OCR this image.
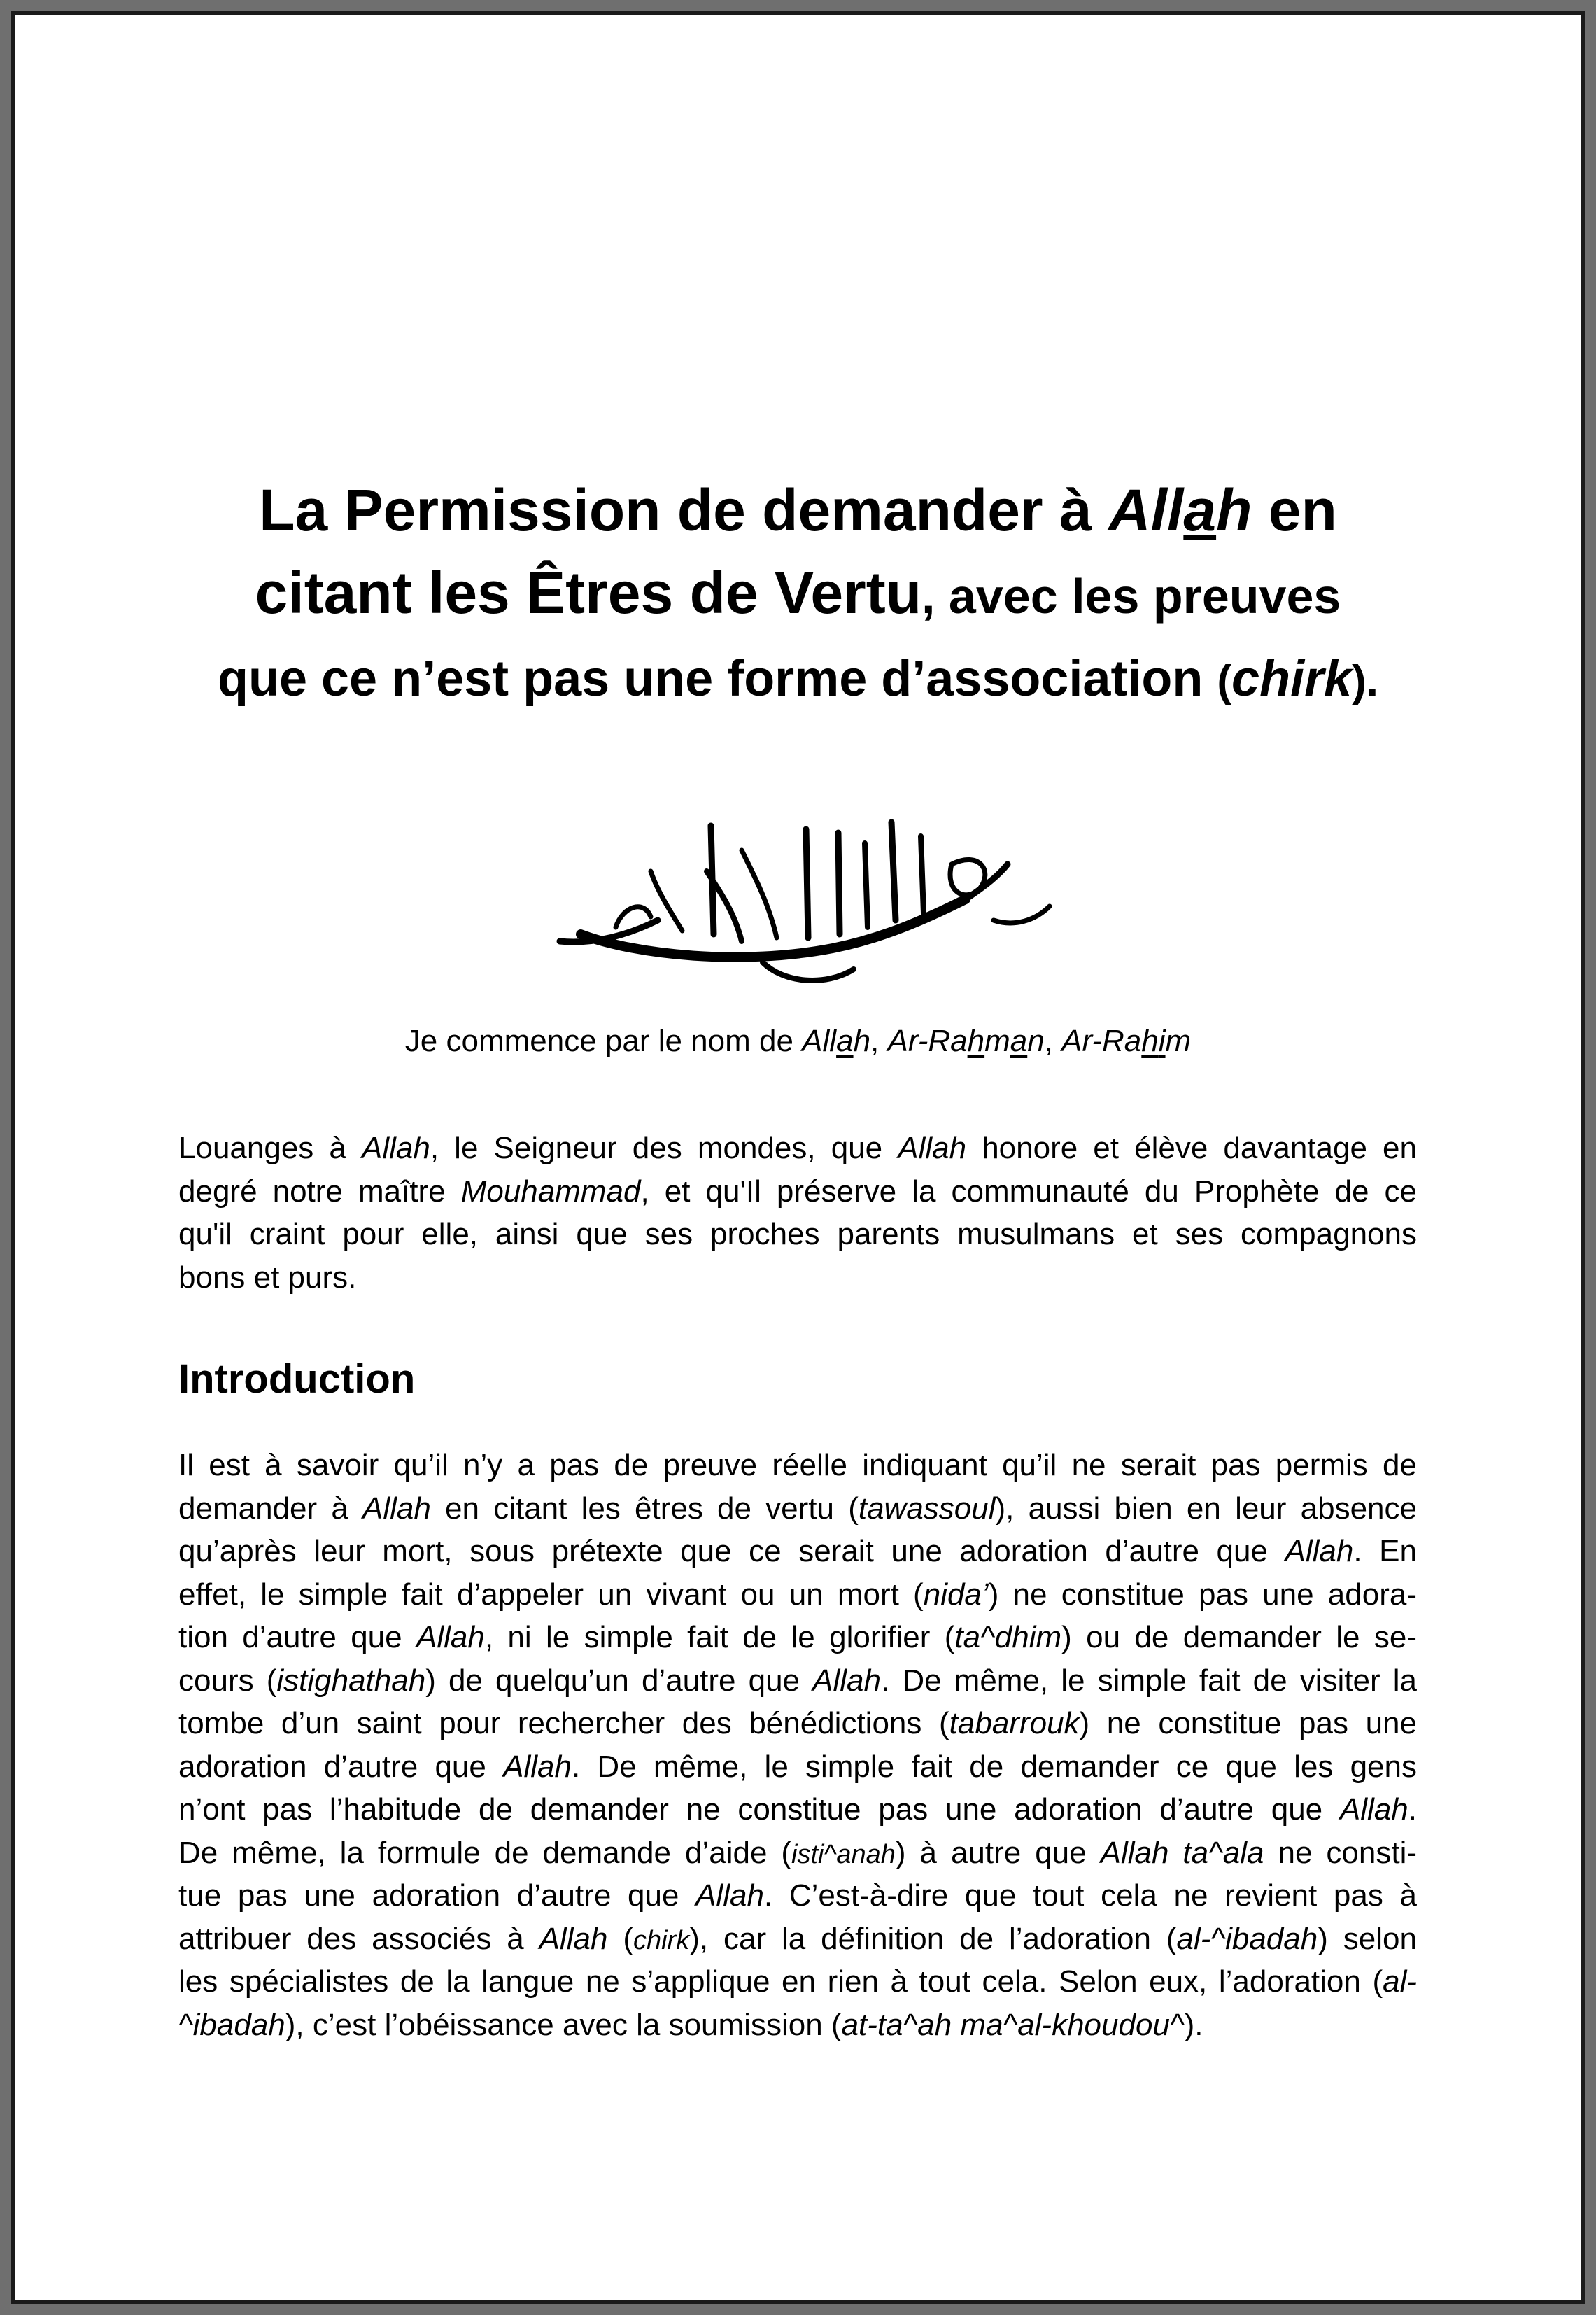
La Permission de demander à Allah en
citant les Êtres de Vertu, avec les preuves
que ce n’est pas une forme d’association (chirk).
Je commence par le nom de Allah, Ar-Rahman, Ar-Rahim
Louanges à Allah, le Seigneur des mondes, que Allah honore et élève davantage en
degré notre maître Mouhammad, et qu'Il préserve la communauté du Prophète de ce
qu'il craint pour elle, ainsi que ses proches parents musulmans et ses compagnons
bons et purs.
Introduction
Il est à savoir qu’il n’y a pas de preuve réelle indiquant qu’il ne serait pas permis de
demander à Allah en citant les êtres de vertu (tawassoul), aussi bien en leur absence
qu’après leur mort, sous prétexte que ce serait une adoration d’autre que Allah. En
effet, le simple fait d’appeler un vivant ou un mort (nida’) ne constitue pas une adora-
tion d’autre que Allah, ni le simple fait de le glorifier (ta^dhim) ou de demander le se-
cours (istighathah) de quelqu’un d’autre que Allah. De même, le simple fait de visiter la
tombe d’un saint pour rechercher des bénédictions (tabarrouk) ne constitue pas une
adoration d’autre que Allah. De même, le simple fait de demander ce que les gens
n’ont pas l’habitude de demander ne constitue pas une adoration d’autre que Allah.
De même, la formule de demande d’aide (isti^anah) à autre que Allah ta^ala ne consti-
tue pas une adoration d’autre que Allah. C’est-à-dire que tout cela ne revient pas à
attribuer des associés à Allah (chirk), car la définition de l’adoration (al-^ibadah) selon
les spécialistes de la langue ne s’applique en rien à tout cela. Selon eux, l’adoration (al-
^ibadah), c’est l’obéissance avec la soumission (at-ta^ah ma^al-khoudou^).
